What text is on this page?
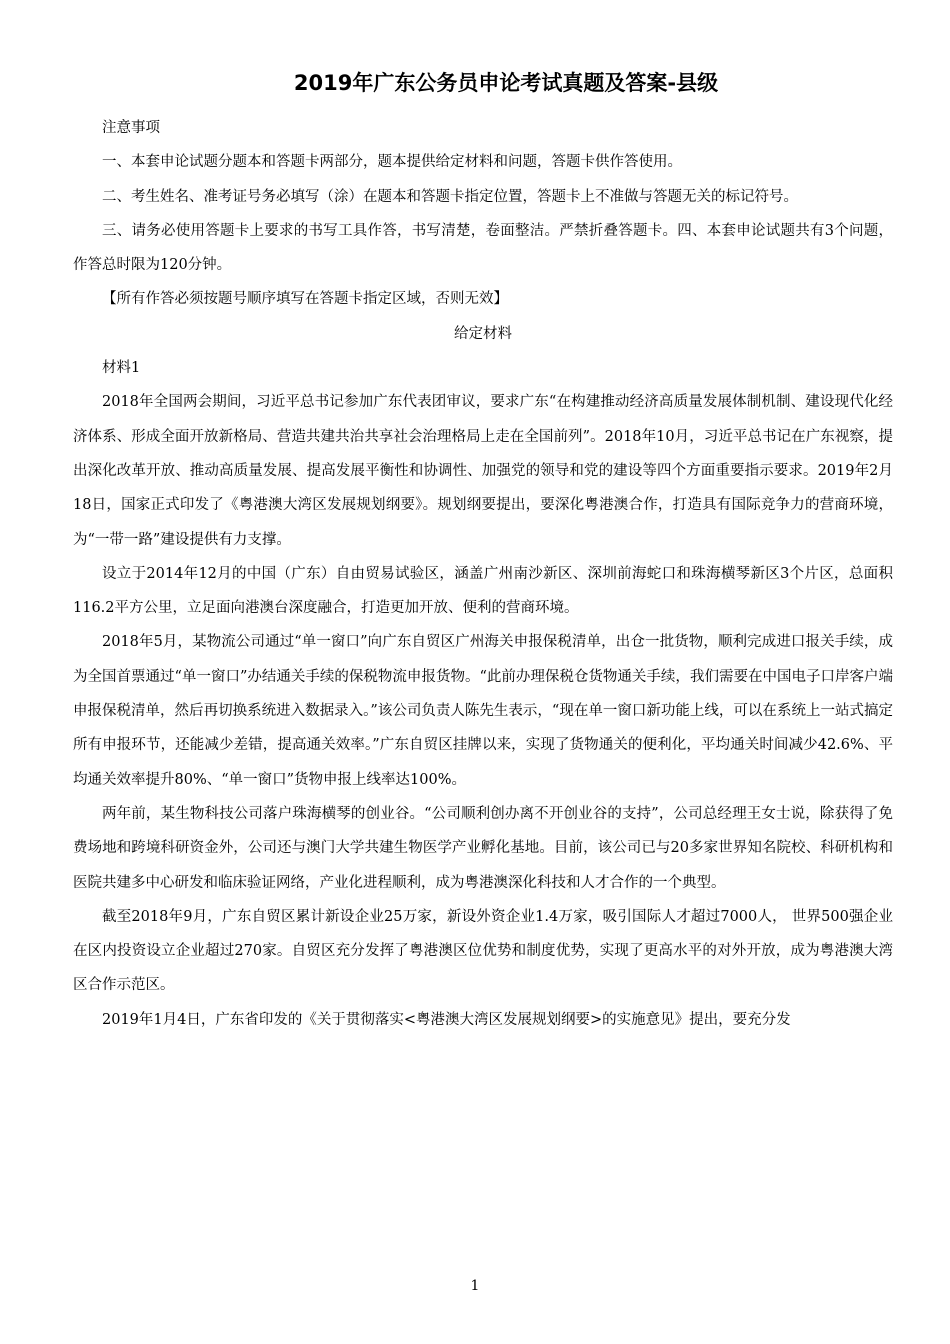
2019年广东公务员申论考试真题及答案-县级

注意事项

一、本套申论试题分题本和答题卡两部分，题本提供给定材料和问题，答题卡供作答使用。

二、考生姓名、准考证号务必填写（涂）在题本和答题卡指定位置，答题卡上不准做与答题无关的标记符号。

三、请务必使用答题卡上要求的书写工具作答，书写清楚，卷面整洁。严禁折叠答题卡。四、本套申论试题共有3个问题，作答总时限为120分钟。

【所有作答必须按题号顺序填写在答题卡指定区域，否则无效】

给定材料

材料1

2018年全国两会期间，习近平总书记参加广东代表团审议，要求广东“在构建推动经济高质量发展体制机制、建设现代化经济体系、形成全面开放新格局、营造共建共治共享社会治理格局上走在全国前列”。2018年10月，习近平总书记在广东视察，提出深化改革开放、推动高质量发展、提高发展平衡性和协调性、加强党的领导和党的建设等四个方面重要指示要求。2019年2月18日，国家正式印发了《粤港澳大湾区发展规划纲要》。规划纲要提出，要深化粤港澳合作，打造具有国际竞争力的营商环境，为“一带一路”建设提供有力支撑。

设立于2014年12月的中国（广东）自由贸易试验区，涵盖广州南沙新区、深圳前海蛇口和珠海横琴新区3个片区，总面积116.2平方公里，立足面向港澳台深度融合，打造更加开放、便利的营商环境。

2018年5月，某物流公司通过“单一窗口”向广东自贸区广州海关申报保税清单，出仓一批货物，顺利完成进口报关手续，成为全国首票通过“单一窗口”办结通关手续的保税物流申报货物。“此前办理保税仓货物通关手续，我们需要在中国电子口岸客户端申报保税清单，然后再切换系统进入数据录入。”该公司负责人陈先生表示，“现在单一窗口新功能上线，可以在系统上一站式搞定所有申报环节，还能减少差错，提高通关效率。”广东自贸区挂牌以来，实现了货物通关的便利化，平均通关时间减少42.6%、平均通关效率提升80%、“单一窗口”货物申报上线率达100%。

两年前，某生物科技公司落户珠海横琴的创业谷。“公司顺利创办离不开创业谷的支持”，公司总经理王女士说，除获得了免费场地和跨境科研资金外，公司还与澳门大学共建生物医学产业孵化基地。目前，该公司已与20多家世界知名院校、科研机构和医院共建多中心研发和临床验证网络，产业化进程顺利，成为粤港澳深化科技和人才合作的一个典型。

截至2018年9月，广东自贸区累计新设企业25万家，新设外资企业1.4万家，吸引国际人才超过7000人， 世界500强企业在区内投资设立企业超过270家。自贸区充分发挥了粤港澳区位优势和制度优势，实现了更高水平的对外开放，成为粤港澳大湾区合作示范区。

2019年1月4日，广东省印发的《关于贯彻落实<粤港澳大湾区发展规划纲要>的实施意见》提出，要充分发

1
